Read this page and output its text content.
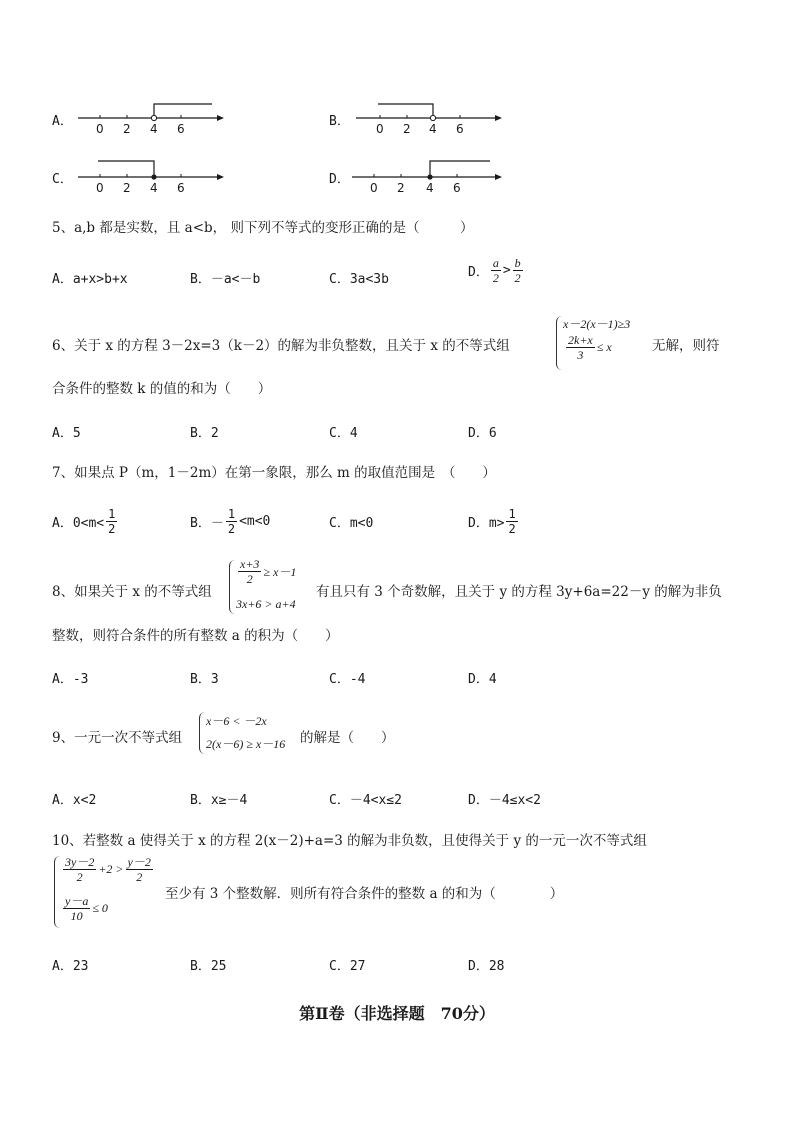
A． 0 2 4 6	B． 0 2 4 6
C．
0 2 4 6
D．
0 2 4 6
5、a,b 都是实数，且 a<b， 则下列不等式的变形正确的是（　　　）
A．a+x>b+x	B．－a<－b	C．3a<3b	D． $\frac{a}{2} > \frac{b}{2}$
6、关于 x 的方程 3－2x=3（k－2）的解为非负整数，且关于 x 的不等式组
x－2(x－1)≥3
$\frac{2k+x}{3} \le x$	无解，则符
合条件的整数 k 的值的和为（　　）
A．5	B．2	C．4	D．6
7、如果点 P（m，1－2m）在第一象限，那么 m 的取值范围是　（　　）
A．$0<m< \frac{1}{2}$	B．－ $\frac{1}{2} <m<0$	C．m<0	D．$m> \frac{1}{2}$
8、如果关于 x 的不等式组
$\frac{x+3}{2} \ge x-1$
3x+6 > a+4
有且只有 3 个奇数解，且关于 y 的方程 3y+6a=22－y 的解为非负
整数，则符合条件的所有整数 a 的积为（　　）
A．-3	B．3	C．-4	D．4
9、一元一次不等式组
x－6 < －2x
2(x－6) ≥ x－16 的解是（　　）
A．x<2	B．x≥－4	C．－4<x≤2	D．－4≤x<2
10、若整数 a 使得关于 x 的方程 2(x－2)+a=3 的解为非负数，且使得关于 y 的一元一次不等式组
$\frac{3y-2}{2} +2 > \frac{y-2}{2}$
$\frac{y-a}{10} \le 0$
至少有 3 个整数解．则所有符合条件的整数 a 的和为（　　　　）
A．23	B．25	C．27	D．28
第Ⅱ卷（非选择题　70分）
